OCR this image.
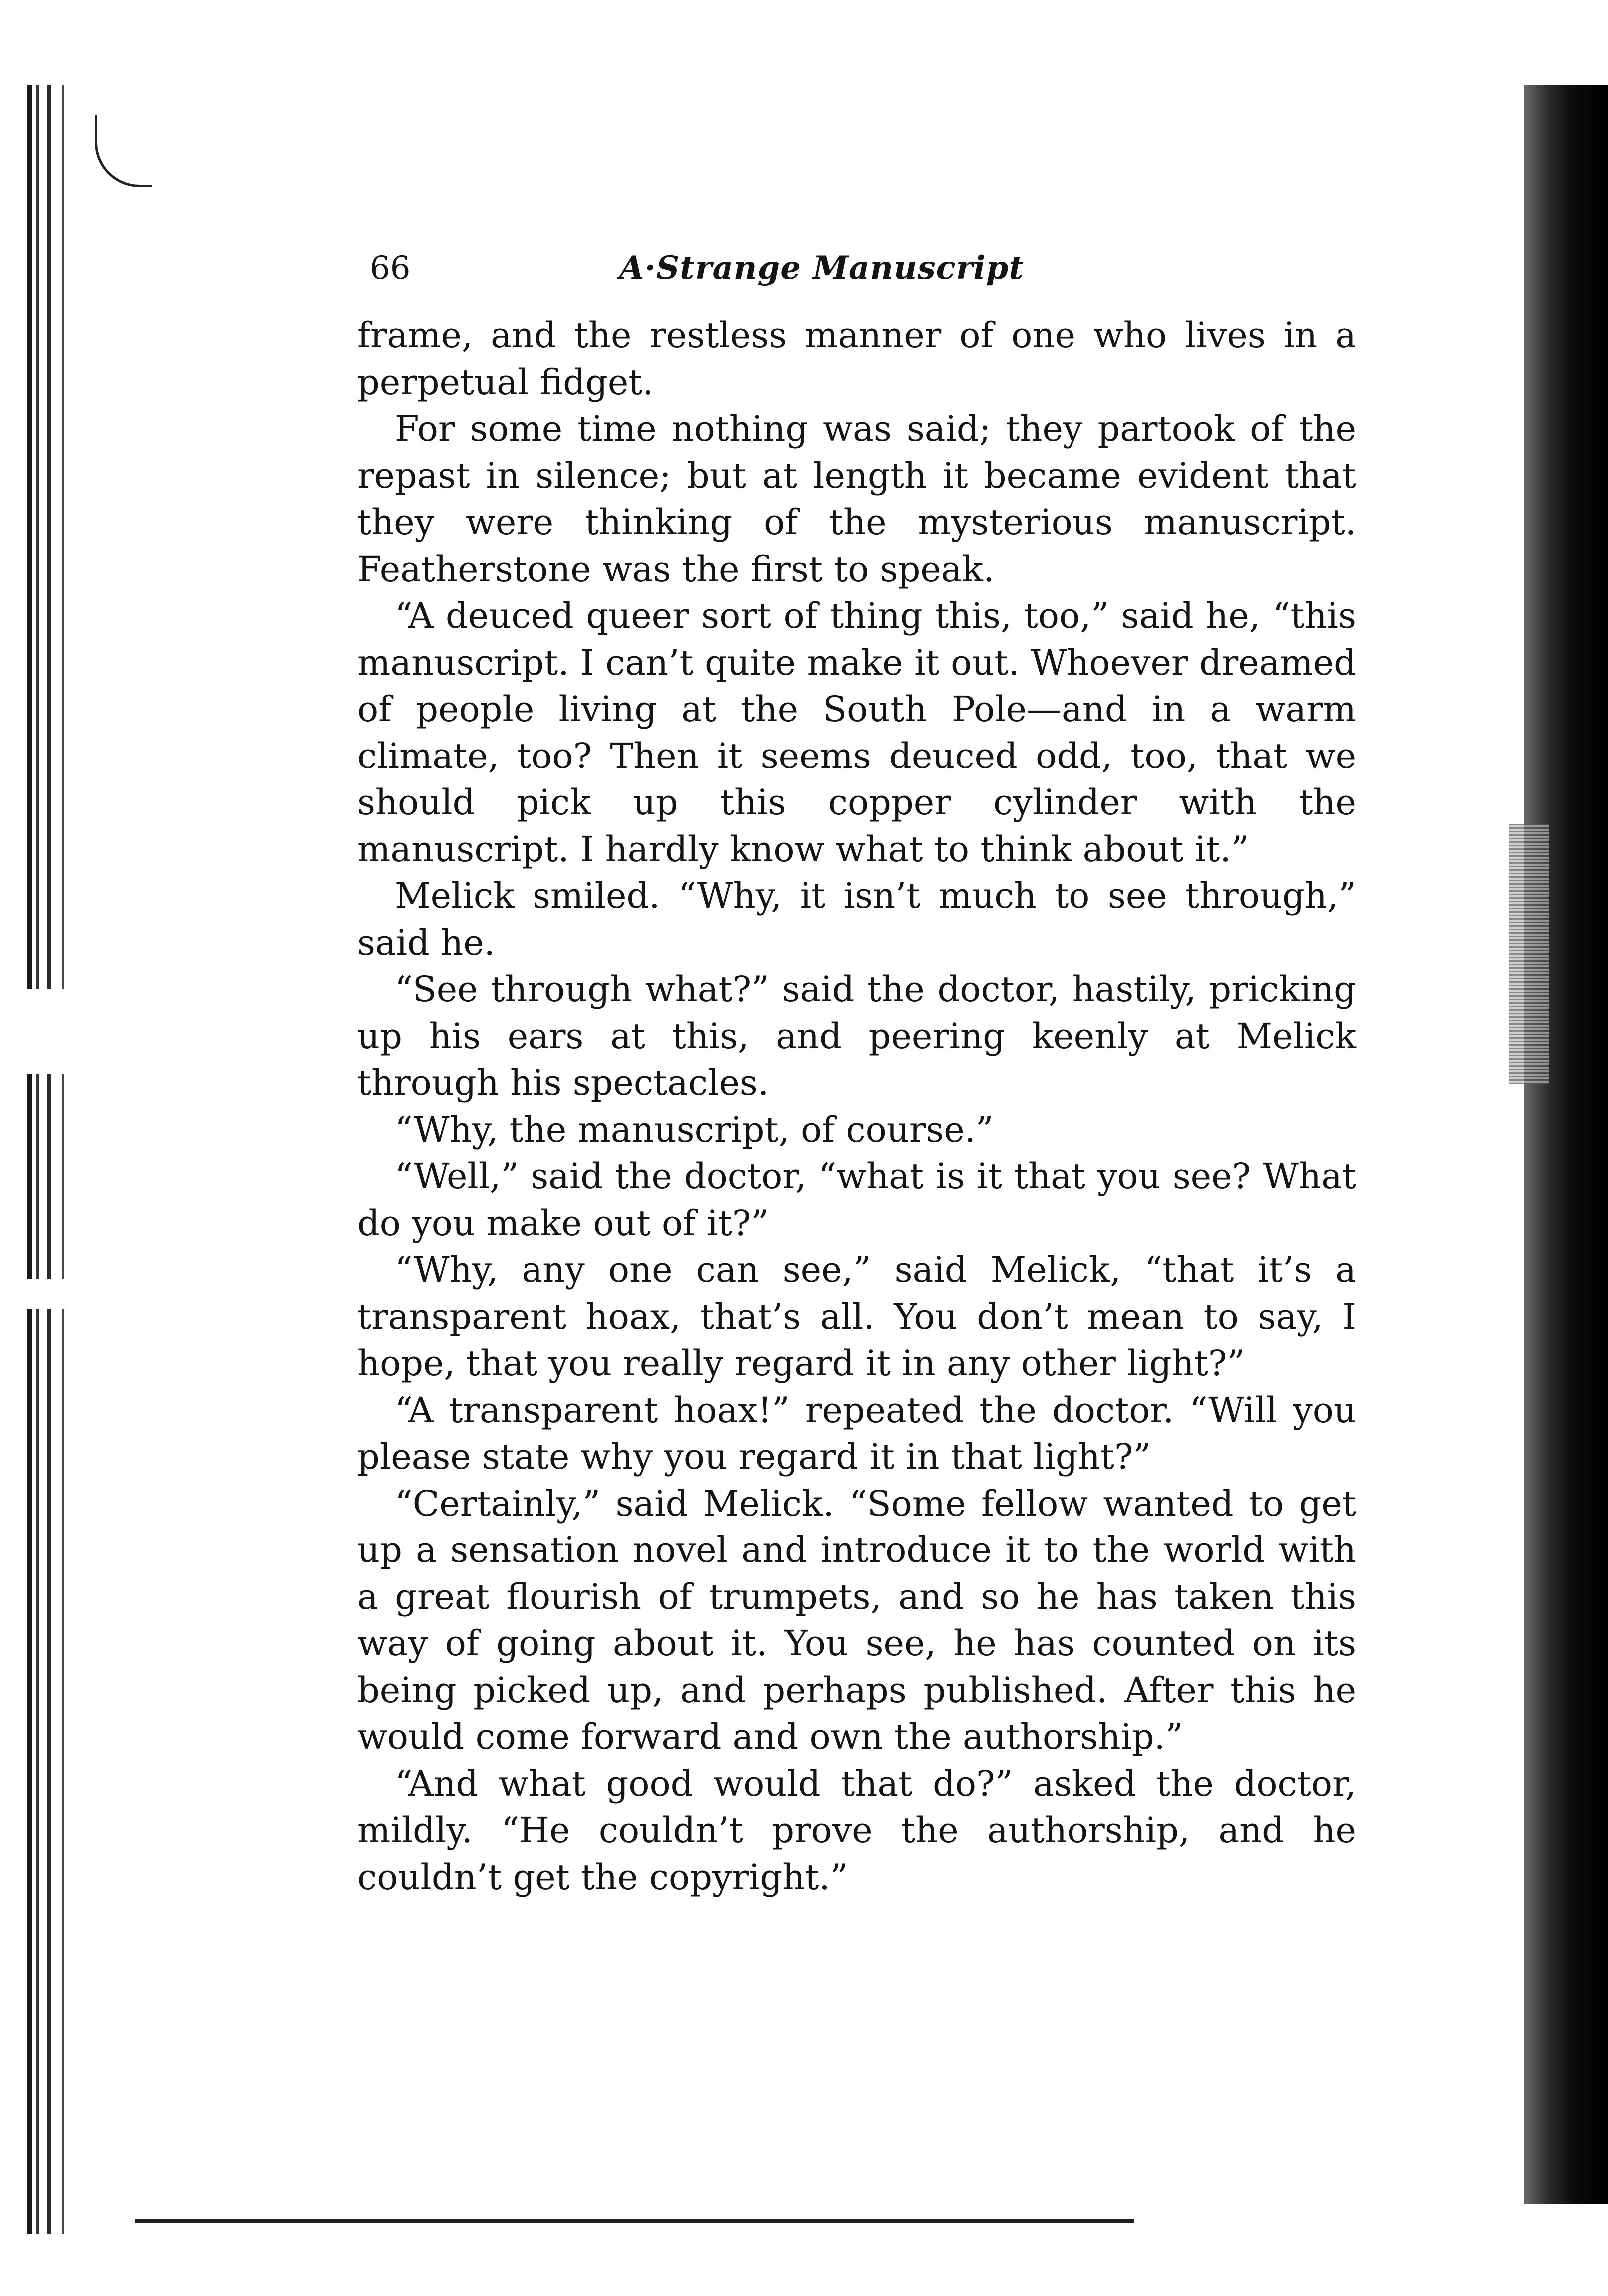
66	A·Strange Manuscript

frame, and the restless manner of one who lives in a perpetual fidget.

For some time nothing was said; they partook of the repast in silence; but at length it became evident that they were thinking of the mysterious manuscript. Featherstone was the first to speak.

“A deuced queer sort of thing this, too,” said he, “this manuscript. I can’t quite make it out. Whoever dreamed of people living at the South Pole—and in a warm climate, too? Then it seems deuced odd, too, that we should pick up this copper cylinder with the manuscript. I hardly know what to think about it.”

Melick smiled. “Why, it isn’t much to see through,” said he.

“See through what?” said the doctor, hastily, pricking up his ears at this, and peering keenly at Melick through his spectacles.

“Why, the manuscript, of course.”

“Well,” said the doctor, “what is it that you see? What do you make out of it?”

“Why, any one can see,” said Melick, “that it’s a transparent hoax, that’s all. You don’t mean to say, I hope, that you really regard it in any other light?”

“A transparent hoax!” repeated the doctor. “Will you please state why you regard it in that light?”

“Certainly,” said Melick. “Some fellow wanted to get up a sensation novel and introduce it to the world with a great flourish of trumpets, and so he has taken this way of going about it. You see, he has counted on its being picked up, and perhaps published. After this he would come forward and own the authorship.”

“And what good would that do?” asked the doctor, mildly. “He couldn’t prove the authorship, and he couldn’t get the copyright.”
